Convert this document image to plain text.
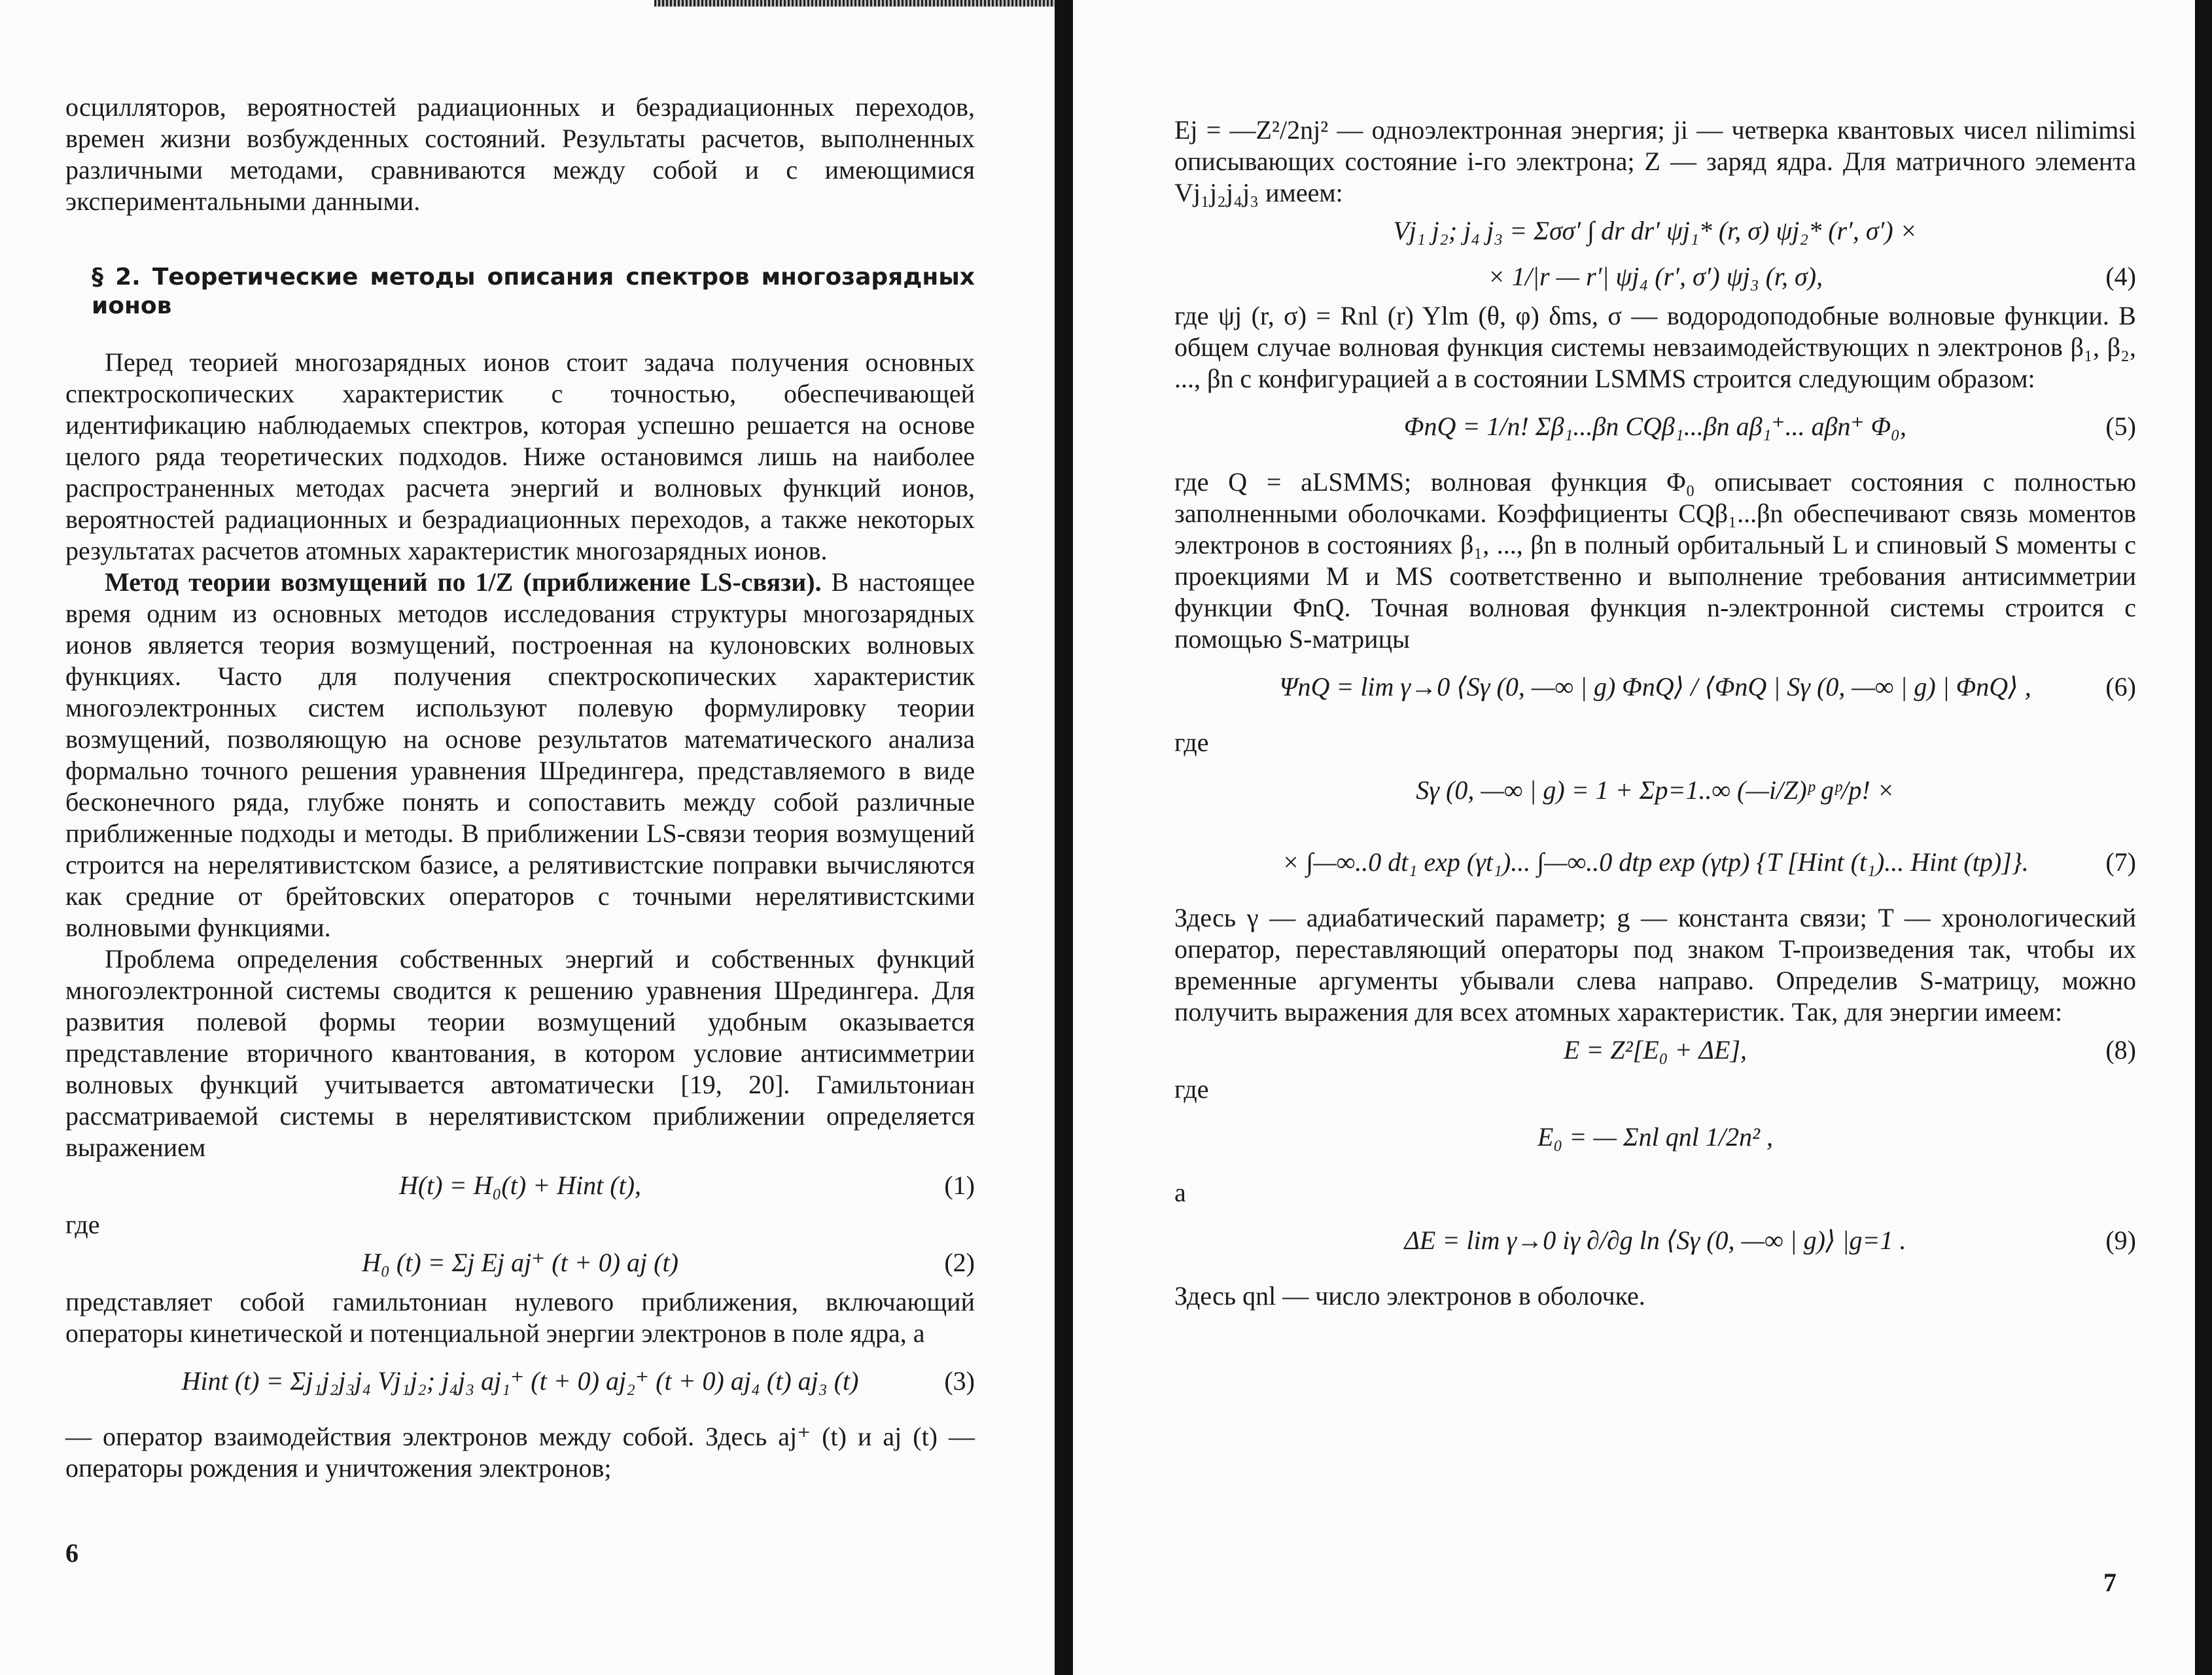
осцилляторов, вероятностей радиационных и безрадиационных переходов, времен жизни возбужденных состояний. Результаты расчетов, выполненных различными методами, сравниваются между собой и с имеющимися экспериментальными данными.

§ 2. Теоретические методы описания спектров многозарядных ионов

Перед теорией многозарядных ионов стоит задача получения основных спектроскопических характеристик с точностью, обеспечивающей идентификацию наблюдаемых спектров, которая успешно решается на основе целого ряда теоретических подходов. Ниже остановимся лишь на наиболее распространенных методах расчета энергий и волновых функций ионов, вероятностей радиационных и безрадиационных переходов, а также некоторых результатах расчетов атомных характеристик многозарядных ионов.

Метод теории возмущений по 1/Z (приближение LS-связи). В настоящее время одним из основных методов исследования структуры многозарядных ионов является теория возмущений, построенная на кулоновских волновых функциях. Часто для получения спектроскопических характеристик многоэлектронных систем используют полевую формулировку теории возмущений, позволяющую на основе результатов математического анализа формально точного решения уравнения Шредингера, представляемого в виде бесконечного ряда, глубже понять и сопоставить между собой различные приближенные подходы и методы. В приближении LS-связи теория возмущений строится на нерелятивистском базисе, а релятивистские поправки вычисляются как средние от брейтовских операторов с точными нерелятивистскими волновыми функциями.

Проблема определения собственных энергий и собственных функций многоэлектронной системы сводится к решению уравнения Шредингера. Для развития полевой формы теории возмущений удобным оказывается представление вторичного квантования, в котором условие антисимметрии волновых функций учитывается автоматически [19, 20]. Гамильтониан рассматриваемой системы в нерелятивистском приближении определяется выражением

H(t) = H₀(t) + Hint (t),	(1)

где

H₀ (t) = Σj Ej aj⁺ (t + 0) aj (t)	(2)

представляет собой гамильтониан нулевого приближения, включающий операторы кинетической и потенциальной энергии электронов в поле ядра, а

Hint (t) = Σj₁j₂j₃j₄ Vj₁j₂; j₄j₃ aj₁⁺ (t + 0) aj₂⁺ (t + 0) aj₄ (t) aj₃ (t)	(3)

— оператор взаимодействия электронов между собой. Здесь aj⁺ (t) и aj (t) — операторы рождения и уничтожения электронов;

6

Ej = —Z²/2nj² — одноэлектронная энергия; ji — четверка квантовых чисел nilimimsi описывающих состояние i-го электрона; Z — заряд ядра. Для матричного элемента Vj₁j₂j₄j₃ имеем:

Vj₁ j₂; j₄ j₃ = Σσσ′ ∫ dr dr′ ψj₁* (r, σ) ψj₂* (r′, σ′) ×
× 1/|r — r′| ψj₄ (r′, σ′) ψj₃ (r, σ),	(4)

где ψj (r, σ) = Rnl (r) Ylm (θ, φ) δms, σ — водородоподобные волновые функции. В общем случае волновая функция системы невзаимодействующих n электронов β₁, β₂, ..., βn с конфигурацией a в состоянии LSMMS строится следующим образом:

ΦnQ = 1/n! Σβ₁...βn CQβ₁...βn aβ₁⁺... aβn⁺ Φ₀,	(5)

где Q = aLSMMS; волновая функция Φ₀ описывает состояния с полностью заполненными оболочками. Коэффициенты CQβ₁...βn обеспечивают связь моментов электронов в состояниях β₁, ..., βn в полный орбитальный L и спиновый S моменты с проекциями M и MS соответственно и выполнение требования антисимметрии функции ΦnQ. Точная волновая функция n-электронной системы строится с помощью S-матрицы

ΨnQ = lim γ→0 ⟨Sγ (0, —∞ | g) ΦnQ⟩ / ⟨ΦnQ | Sγ (0, —∞ | g) | ΦnQ⟩ ,	(6)

где

Sγ (0, —∞ | g) = 1 + Σp=1..∞ (—i/Z)ᵖ gᵖ/p! ×
× ∫—∞..0 dt₁ exp (γt₁)... ∫—∞..0 dtp exp (γtp) {T [Hint (t₁)... Hint (tp)]}.	(7)

Здесь γ — адиабатический параметр; g — константа связи; T — хронологический оператор, переставляющий операторы под знаком T-произведения так, чтобы их временные аргументы убывали слева направо. Определив S-матрицу, можно получить выражения для всех атомных характеристик. Так, для энергии имеем:

E = Z²[E₀ + ΔE],	(8)

где

E₀ = — Σnl qnl 1/2n² ,

а

ΔE = lim γ→0 iγ ∂/∂g ln ⟨Sγ (0, —∞ | g)⟩ |g=1 .	(9)

Здесь qnl — число электронов в оболочке.

7
